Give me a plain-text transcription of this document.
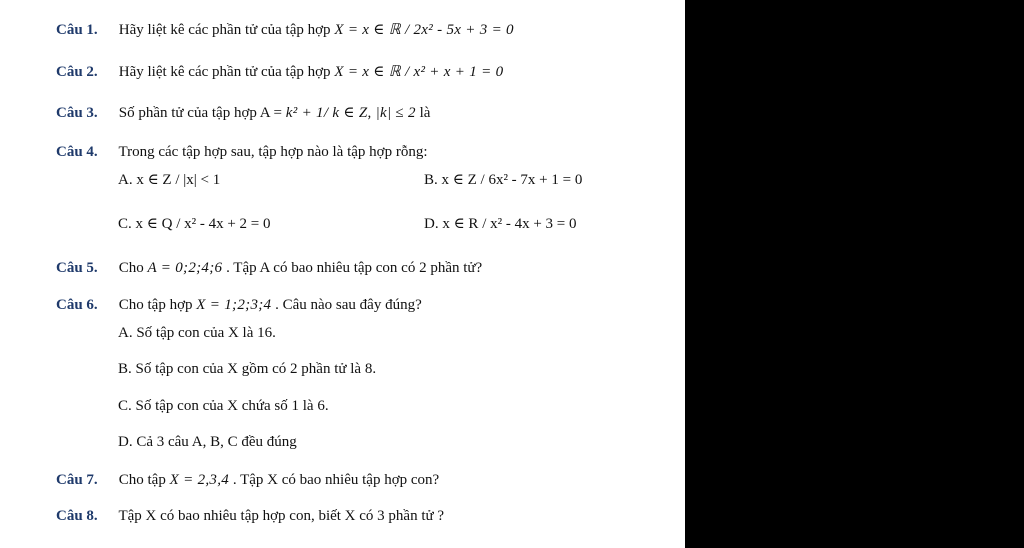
Câu 1. Hãy liệt kê các phần tử của tập hợp X = x ∈ ℝ / 2x² - 5x + 3 = 0
Câu 2. Hãy liệt kê các phần tử của tập hợp X = x ∈ ℝ / x² + x + 1 = 0
Câu 3. Số phần tử của tập hợp A = k² + 1/ k ∈ Z, |k| ≤ 2 là
Câu 4. Trong các tập hợp sau, tập hợp nào là tập hợp rỗng:
A. x ∈ Z / |x| < 1	B. x ∈ Z / 6x² - 7x + 1 = 0
C. x ∈ Q / x² - 4x + 2 = 0	D. x ∈ R / x² - 4x + 3 = 0
Câu 5. Cho A = 0;2;4;6 . Tập A có bao nhiêu tập con có 2 phần tử?
Câu 6. Cho tập hợp X = 1;2;3;4 . Câu nào sau đây đúng?
A. Số tập con của X là 16.
B. Số tập con của X gồm có 2 phần tử là 8.
C. Số tập con của X chứa số 1 là 6.
D. Cả 3 câu A, B, C đều đúng
Câu 7. Cho tập X = 2,3,4 . Tập X có bao nhiêu tập hợp con?
Câu 8. Tập X có bao nhiêu tập hợp con, biết X có 3 phần tử ?
